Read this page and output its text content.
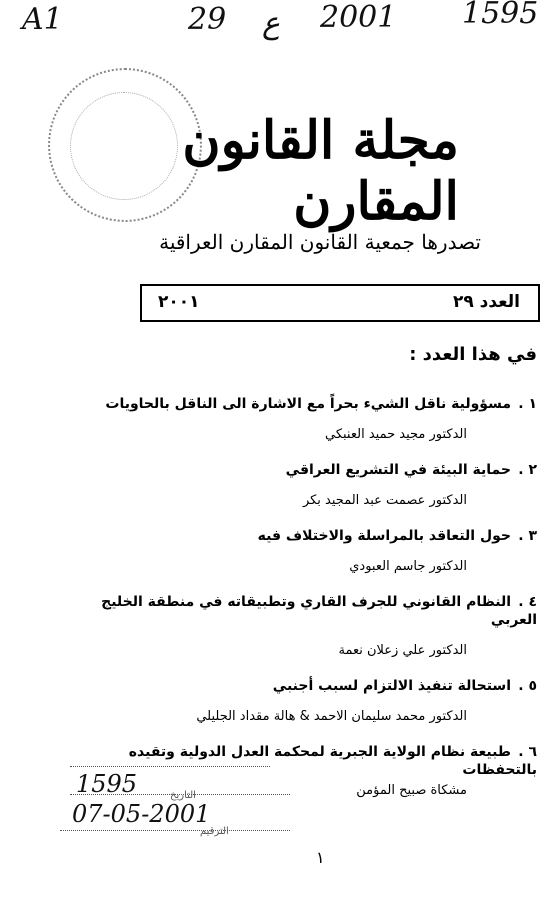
A1	29 ع 2001 1595
مجلة القانون المقارن
تصدرها جمعية القانون المقارن العراقية
العدد ٢٩
٢٠٠١
في هذا العدد :
١ .مسؤولية ناقل الشيء بحراً مع الاشارة الى الناقل بالحاويات
الدكتور مجيد حميد العنبكي
٢ .حماية البيئة في التشريع العراقي
الدكتور عصمت عبد المجيد بكر
٣ .حول التعاقد بالمراسلة والاختلاف فيه
الدكتور جاسم العبودي
٤ .النظام القانوني للجرف القاري وتطبيقاته في منطقة الخليج العربي
الدكتور علي زعلان نعمة
٥ .استحالة تنفيذ الالتزام لسبب أجنبي
الدكتور محمد سليمان الاحمد & هالة مقداد الجليلي
٦ .طبيعة نظام الولاية الجبرية لمحكمة العدل الدولية وتقيده بالتحفظات
مشكاة صبيح المؤمن
1595
07-05-2001
التاريخ
الترقيم
١
